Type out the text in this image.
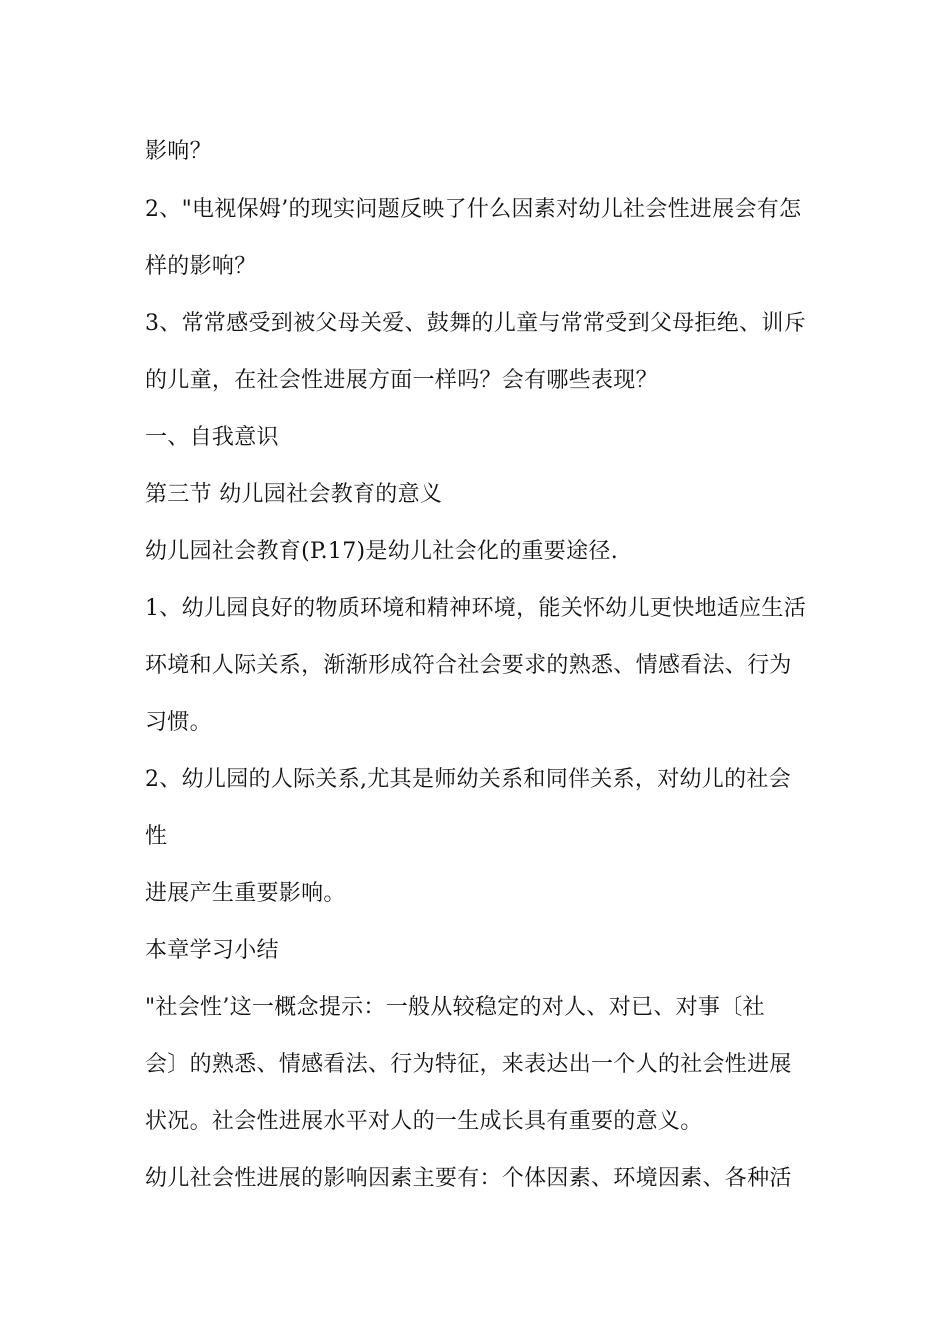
影响？
2、"电视保姆’的现实问题反映了什么因素对幼儿社会性进展会有怎
样的影响？
3、常常感受到被父母关爱、鼓舞的儿童与常常受到父母拒绝、训斥
的儿童，在社会性进展方面一样吗？会有哪些表现？
一、自我意识
第三节 幼儿园社会教育的意义
幼儿园社会教育(P.17)是幼儿社会化的重要途径.
1、幼儿园良好的物质环境和精神环境，能关怀幼儿更快地适应生活
环境和人际关系，渐渐形成符合社会要求的熟悉、情感看法、行为
习惯。
2、幼儿园的人际关系,尤其是师幼关系和同伴关系，对幼儿的社会
性
进展产生重要影响。
本章学习小结
"社会性’这一概念提示：一般从较稳定的对人、对已、对事〔社
会〕的熟悉、情感看法、行为特征，来表达出一个人的社会性进展
状况。社会性进展水平对人的一生成长具有重要的意义。
幼儿社会性进展的影响因素主要有：个体因素、环境因素、各种活
